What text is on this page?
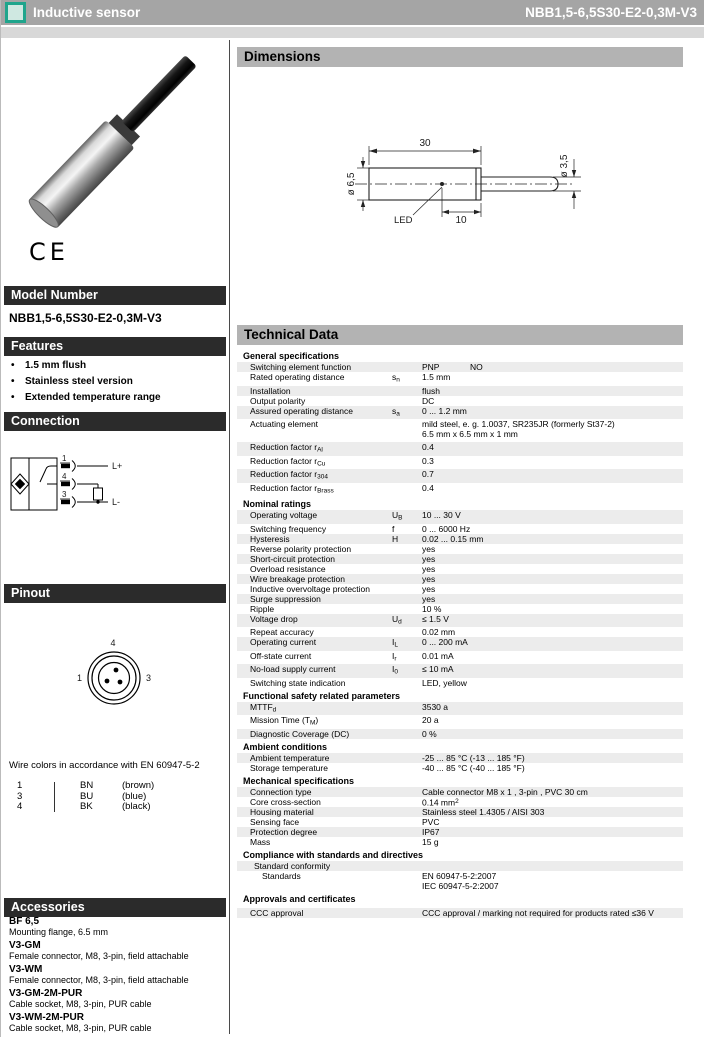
Inductive sensor	NBB1,5-6,5S30-E2-0,3M-V3
CE
Model Number
NBB1,5-6,5S30-E2-0,3M-V3
Features
•	1.5 mm flush
•	Stainless steel version
•	Extended temperature range
Connection
1
4
3
L+
L-
Pinout
4
1	3
Wire colors in accordance with EN 60947-5-2
1	BN	(brown)
3	BU	(blue)
4	BK	(black)
Accessories
BF 6,5
Mounting flange, 6.5 mm
V3-GM
Female connector, M8, 3-pin, field attachable
V3-WM
Female connector, M8, 3-pin, field attachable
V3-GM-2M-PUR
Cable socket, M8, 3-pin, PUR cable
V3-WM-2M-PUR
Cable socket, M8, 3-pin, PUR cable
Dimensions
30
ø 6,5
ø 3,5
LED	10
Technical Data
General specifications
Switching element function	PNP	NO
Rated operating distance	$s_n$	1.5 mm
Installation	flush
Output polarity	DC
Assured operating distance	$s_a$	0 ... 1.2 mm
Actuating element	mild steel, e. g. 1.0037, SR235JR (formerly St37-2)
6.5 mm x 6.5 mm x 1 mm
Reduction factor $r_{Al}$	0.4
Reduction factor $r_{Cu}$	0.3
Reduction factor $r_{304}$	0.7
Reduction factor $r_{Brass}$	0.4
Nominal ratings
Operating voltage	$U_B$	10 ... 30 V
Switching frequency	f	0 ... 6000 Hz
Hysteresis	H	0.02 ... 0.15 mm
Reverse polarity protection	yes
Short-circuit protection	yes
Overload resistance	yes
Wire breakage protection	yes
Inductive overvoltage protection	yes
Surge suppression	yes
Ripple	10 %
Voltage drop	$U_d$	≤ 1.5 V
Repeat accuracy	0.02 mm
Operating current	$I_L$	0 ... 200 mA
Off-state current	$I_r$	0.01 mA
No-load supply current	$I_0$	≤ 10 mA
Switching state indication	LED, yellow
Functional safety related parameters
$MTTF_d$	3530 a
Mission Time $(T_M)$	20 a
Diagnostic Coverage (DC)	0 %
Ambient conditions
Ambient temperature	-25 ... 85 °C (-13 ... 185 °F)
Storage temperature	-40 ... 85 °C (-40 ... 185 °F)
Mechanical specifications
Connection type	Cable connector M8 x 1 , 3-pin , PVC 30 cm
Core cross-section	0.14 $mm^2$
Housing material	Stainless steel 1.4305 / AISI 303
Sensing face	PVC
Protection degree	IP67
Mass	15 g
Compliance with standards and directives
Standard conformity
Standards	EN 60947-5-2:2007
IEC 60947-5-2:2007
Approvals and certificates
CCC approval	CCC approval / marking not required for products rated ≤36 V
